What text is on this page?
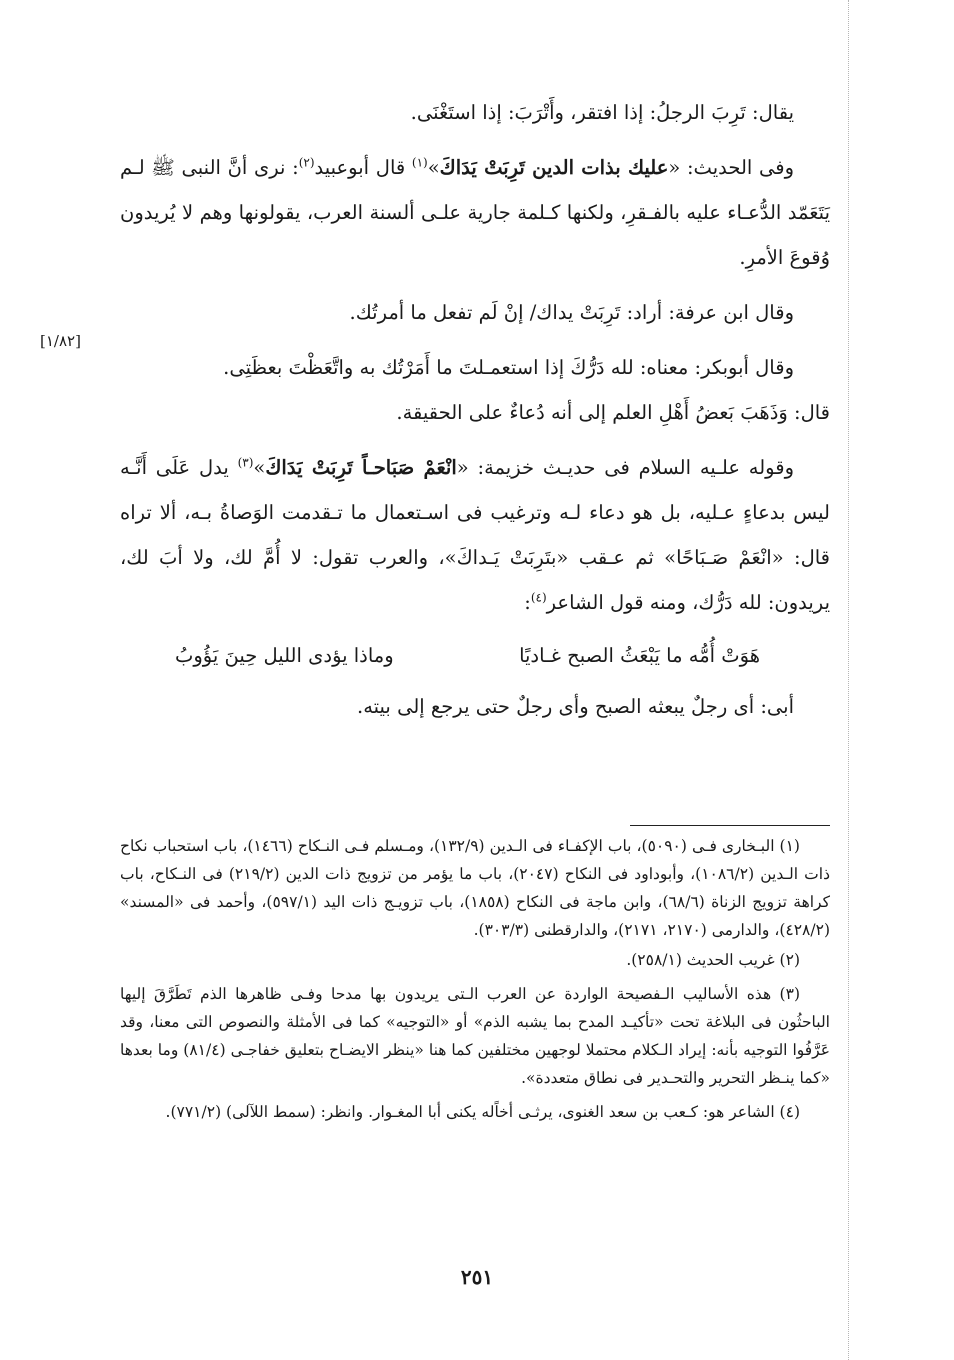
[١/٨٢]

يقال: تَرِبَ الرجلُ: إذا افتقر، وأَتْرَبَ: إذا استَغْنَى.

وفى الحديث: «عليك بذات الدين تَرِبَتْ يَدَاكَ»$^{(١)}$ قال أبوعبيد$^{(٢)}$: نرى أنَّ النبى ﷺ لـم يَتَعَمّد الدُّعـاء عليه بالفـقرِ، ولكنها كـلمة جارية علـى ألسنة العرب، يقولونها وهم لا يُريدون وُقوعَ الأمرِ.

وقال ابن عرفة: أراد: تَرِبَتْ يداك/ إنْ لَم تفعل ما أمرتُك.

وقال أبوبكر: معناه: لله دَرُّكَ إذا استعمـلتَ ما أَمَرْتُك به واتَّعَظْتَ بعظَتِى.

قال: وَذَهَبَ بَعضُ أَهْلِ العلم إلى أنه دُعاءٌ على الحقيقة.

وقوله علـيه السلام فى حديـث خزيمة: «انْعَمْ صَبَاحـاً تَرِبَتْ يَدَاكَ»$^{(٣)}$ يدل عَلَى أَنَّـه ليس بدعاءٍ عـليه، بل هو دعاء لـه وترغيب فى اسـتعمال ما تـقدمت الوَصاةُ بـه، ألا تراه قال: «انْعَمْ صَـبَاحًا» ثم عـقب «بتَرِبَتْ يَـداكَ»، والعرب تقول: لا أُمَّ لك، ولا أبَ لك، يريدون: لله دَرُّك، ومنه قول الشاعر$^{(٤)}$:

هَوَتْ أُمُّه ما يَبْعَثُ الصبح غـاديًا
وماذا يؤدى الليل حِينَ يَؤُوبُ

أبى: أى رجلٌ يبعثه الصبح وأى رجلٌ حتى يرجع إلى بيته.

(١) البـخارى فـى (٥٠٩٠)، باب الإكفـاء فى الـدين (١٣٢/٩)، ومـسلم فـى النـكاح (١٤٦٦)، باب استحباب نكاح ذات الـدين (١٠٨٦/٢)، وأبوداود فى النكاح (٢٠٤٧)، باب ما يؤمر من تزويج ذات الدين (٢١٩/٢) فى النـكاح، باب كراهة تزويج الزناة (٦٨/٦)، وابن ماجة فى النكاح (١٨٥٨)، باب تزويـج ذات اليد (٥٩٧/١)، وأحمد فى «المسند» (٤٢٨/٢)، والدارمى (٢١٧٠، ٢١٧١)، والدارقطنى (٣٠٣/٣).

(٢) غريب الحديث (٢٥٨/١).

(٣) هذه الأساليب الـفصيحة الواردة عن العرب الـتى يريدون بها مدحا وفـى ظاهرها الذم تَطَرَّقَ إليها الباحثُون فى البلاغة تحت «تأكيـد المدح بما يشبه الذم» أو «التوجيه» كما فى الأمثلة والنصوص التى معنا، وقد عَرَّفُوا التوجيه بأنه: إيراد الـكلام محتملا لوجهين مختلفين كما هنا «ينظر الايضـاح بتعليق خفاجـى (٨١/٤) وما بعدها «كما ينـظر التحرير والتحـدير فى نطاق متعددة».

(٤) الشاعر هو: كـعب بن سعد الغنوى، يرثـى أخاًله يكنى أبا المغـوار. وانظر: (سمط اللآلى) (٧٧١/٢).

٢٥١
